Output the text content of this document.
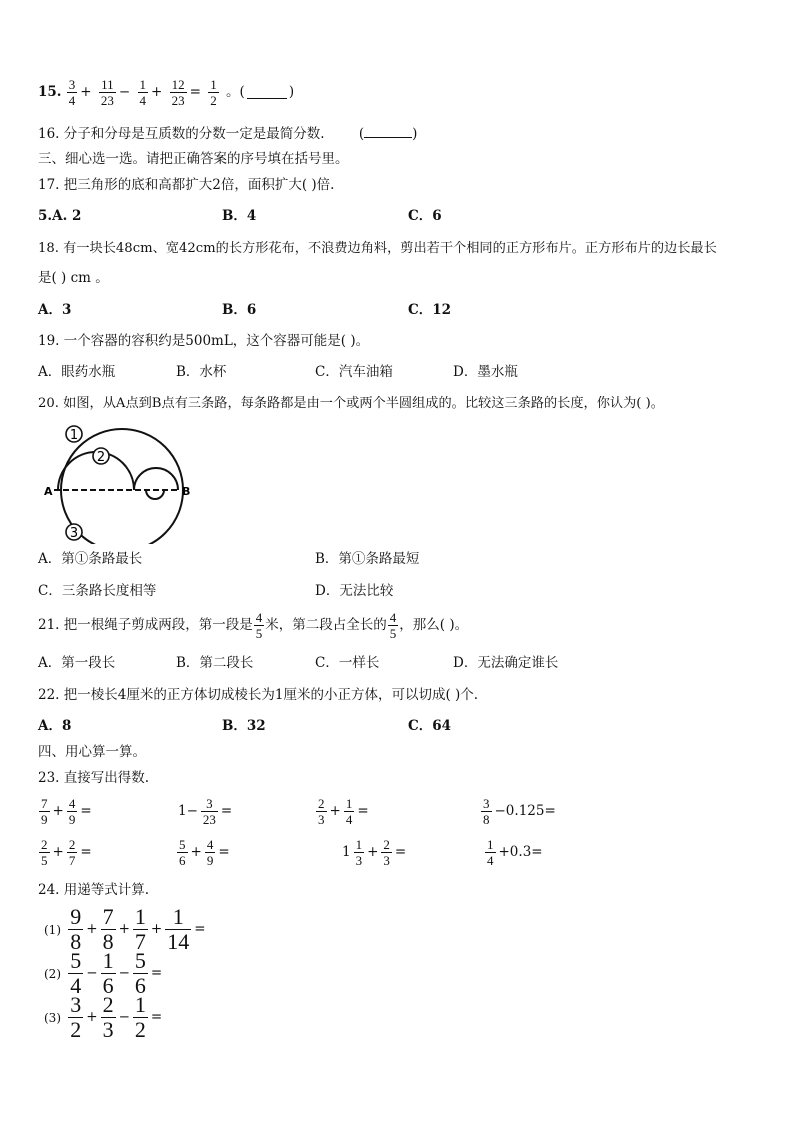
15. $\frac{3}{4} + \frac{11}{23} - \frac{1}{4} + \frac{12}{23} = \frac{1}{2}$ 。(	)
16. 分子和分母是互质数的分数一定是最简分数.	(	)
三、细心选一选。请把正确答案的序号填在括号里。
17. 把三角形的底和高都扩大2倍，面积扩大( )倍.
5.A. 2	B．4	C．6
18. 有一块长48cm、宽42cm的长方形花布，不浪费边角料，剪出若干个相同的正方形布片。正方形布片的边长最长
是( ) cm 。
A．3	B．6	C．12
19. 一个容器的容积约是500mL，这个容器可能是( )。
A．眼药水瓶	B．水杯	C．汽车油箱	D．墨水瓶
20. 如图，从A点到B点有三条路，每条路都是由一个或两个半圆组成的。比较这三条路的长度，你认为( )。
1
2
3
A	B
A．第①条路最长	B．第①条路最短
C．三条路长度相等	D．无法比较
21. 把一根绳子剪成两段，第一段是 $\frac{4}{5}$ 米，第二段占全长的 $\frac{4}{5}$ ，那么( )。
A．第一段长	B．第二段长	C．一样长	D．无法确定谁长
22. 把一棱长4厘米的正方体切成棱长为1厘米的小正方体，可以切成( )个.
A．8	B．32	C．64
四、用心算一算。
23. 直接写出得数.
$\frac{7}{9} + \frac{4}{9}$ =	$1- \frac{3}{23}$ =	$\frac{2}{3} + \frac{1}{4}$ =	$\frac{3}{8} -0.125=$
$\frac{2}{5} + \frac{2}{7}$ =	$\frac{5}{6} + \frac{4}{9}$ =	$1 \frac{1}{3} + \frac{2}{3}$ =	$\frac{1}{4} +0.3=$
24. 用递等式计算.
$(1) \frac{9}{8} + \frac{7}{8} + \frac{1}{7} + \frac{1}{14}$ =
$(2) \frac{5}{4} - \frac{1}{6} - \frac{5}{6}$ =
$(3) \frac{3}{2} + \frac{2}{3} - \frac{1}{2}$ =
